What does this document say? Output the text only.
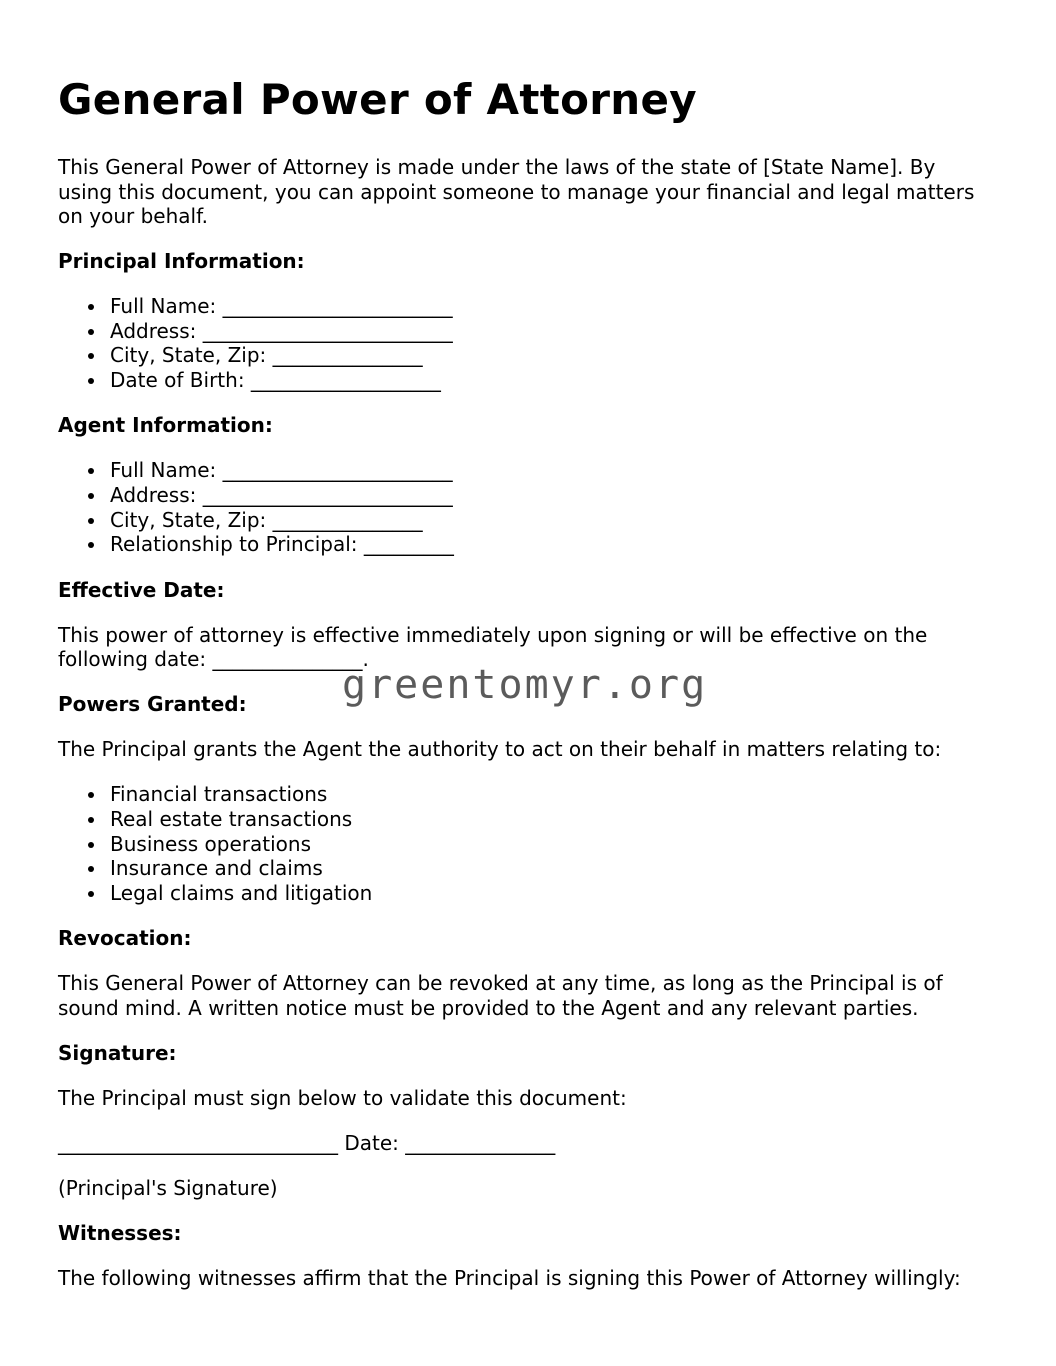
General Power of Attorney

This General Power of Attorney is made under the laws of the state of [State Name]. By using this document, you can appoint someone to manage your financial and legal matters on your behalf.

Principal Information:
Full Name: _______________________
Address: _________________________
City, State, Zip: _______________
Date of Birth: ___________________
Agent Information:
Full Name: _______________________
Address: _________________________
City, State, Zip: _______________
Relationship to Principal: _________
Effective Date:

This power of attorney is effective immediately upon signing or will be effective on the following date: _______________.

Powers Granted:

The Principal grants the Agent the authority to act on their behalf in matters relating to:

Financial transactions
Real estate transactions
Business operations
Insurance and claims
Legal claims and litigation
Revocation:

This General Power of Attorney can be revoked at any time, as long as the Principal is of sound mind. A written notice must be provided to the Agent and any relevant parties.

Signature:

The Principal must sign below to validate this document:

____________________________ Date: _______________

(Principal's Signature)

Witnesses:

The following witnesses affirm that the Principal is signing this Power of Attorney willingly:

greentomyr.org
